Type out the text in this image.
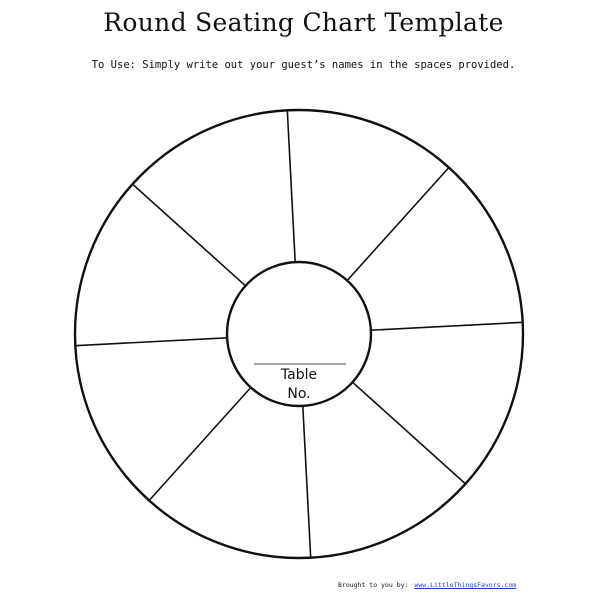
Round Seating Chart Template
To Use: Simply write out your guest’s names in the spaces provided.
Table
No.
Brought to you by: www.LittleThingsFavors.com
